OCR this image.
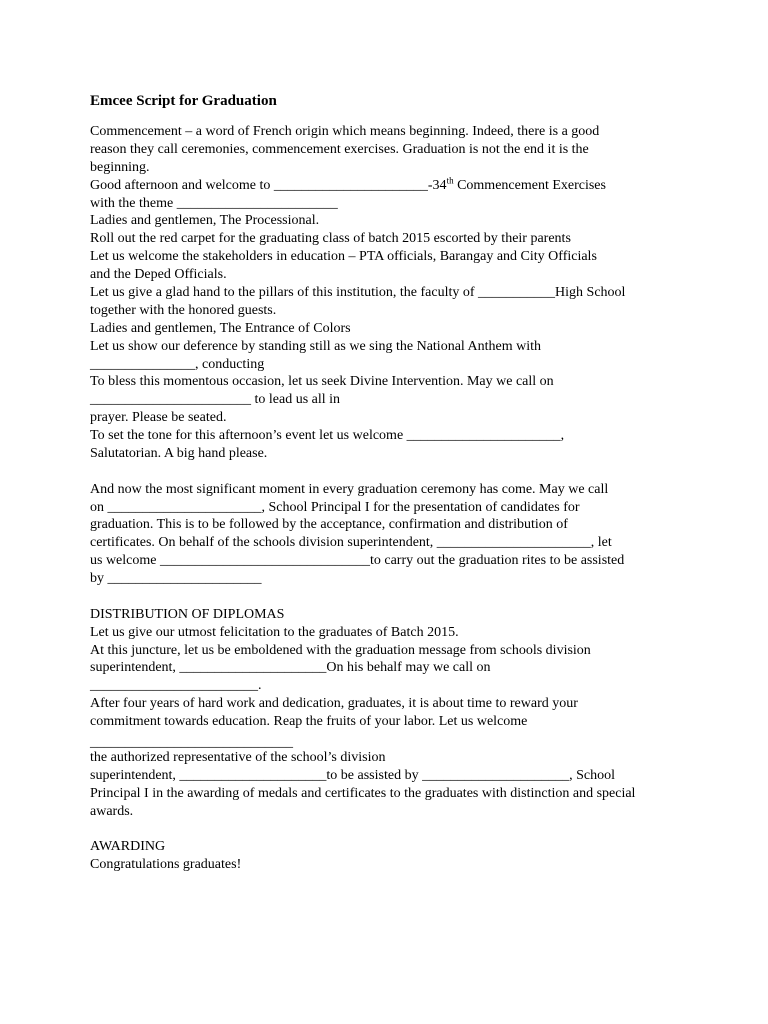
Emcee Script for Graduation
Commencement – a word of French origin which means beginning. Indeed, there is a good
reason they call ceremonies, commencement exercises. Graduation is not the end it is the
beginning.
Good afternoon and welcome to ______________________-34th Commencement Exercises
with the theme _______________________
Ladies and gentlemen, The Processional.
Roll out the red carpet for the graduating class of batch 2015 escorted by their parents
Let us welcome the stakeholders in education – PTA officials, Barangay and City Officials
and the Deped Officials.
Let us give a glad hand to the pillars of this institution, the faculty of ___________High School
together with the honored guests.
Ladies and gentlemen, The Entrance of Colors
Let us show our deference by standing still as we sing the National Anthem with
_______________, conducting
To bless this momentous occasion, let us seek Divine Intervention. May we call on
_______________________ to lead us all in
prayer. Please be seated.
To set the tone for this afternoon’s event let us welcome ______________________,
Salutatorian. A big hand please.
And now the most significant moment in every graduation ceremony has come. May we call
on ______________________, School Principal I for the presentation of candidates for
graduation. This is to be followed by the acceptance, confirmation and distribution of
certificates. On behalf of the schools division superintendent, ______________________, let
us welcome ______________________________to carry out the graduation rites to be assisted
by ______________________
DISTRIBUTION OF DIPLOMAS
Let us give our utmost felicitation to the graduates of Batch 2015.
At this juncture, let us be emboldened with the graduation message from schools division
superintendent, _____________________On his behalf may we call on
________________________.
After four years of hard work and dedication, graduates, it is about time to reward your
commitment towards education. Reap the fruits of your labor. Let us welcome
_____________________________
the authorized representative of the school’s division
superintendent, _____________________to be assisted by _____________________, School
Principal I in the awarding of medals and certificates to the graduates with distinction and special
awards.
AWARDING
Congratulations graduates!
